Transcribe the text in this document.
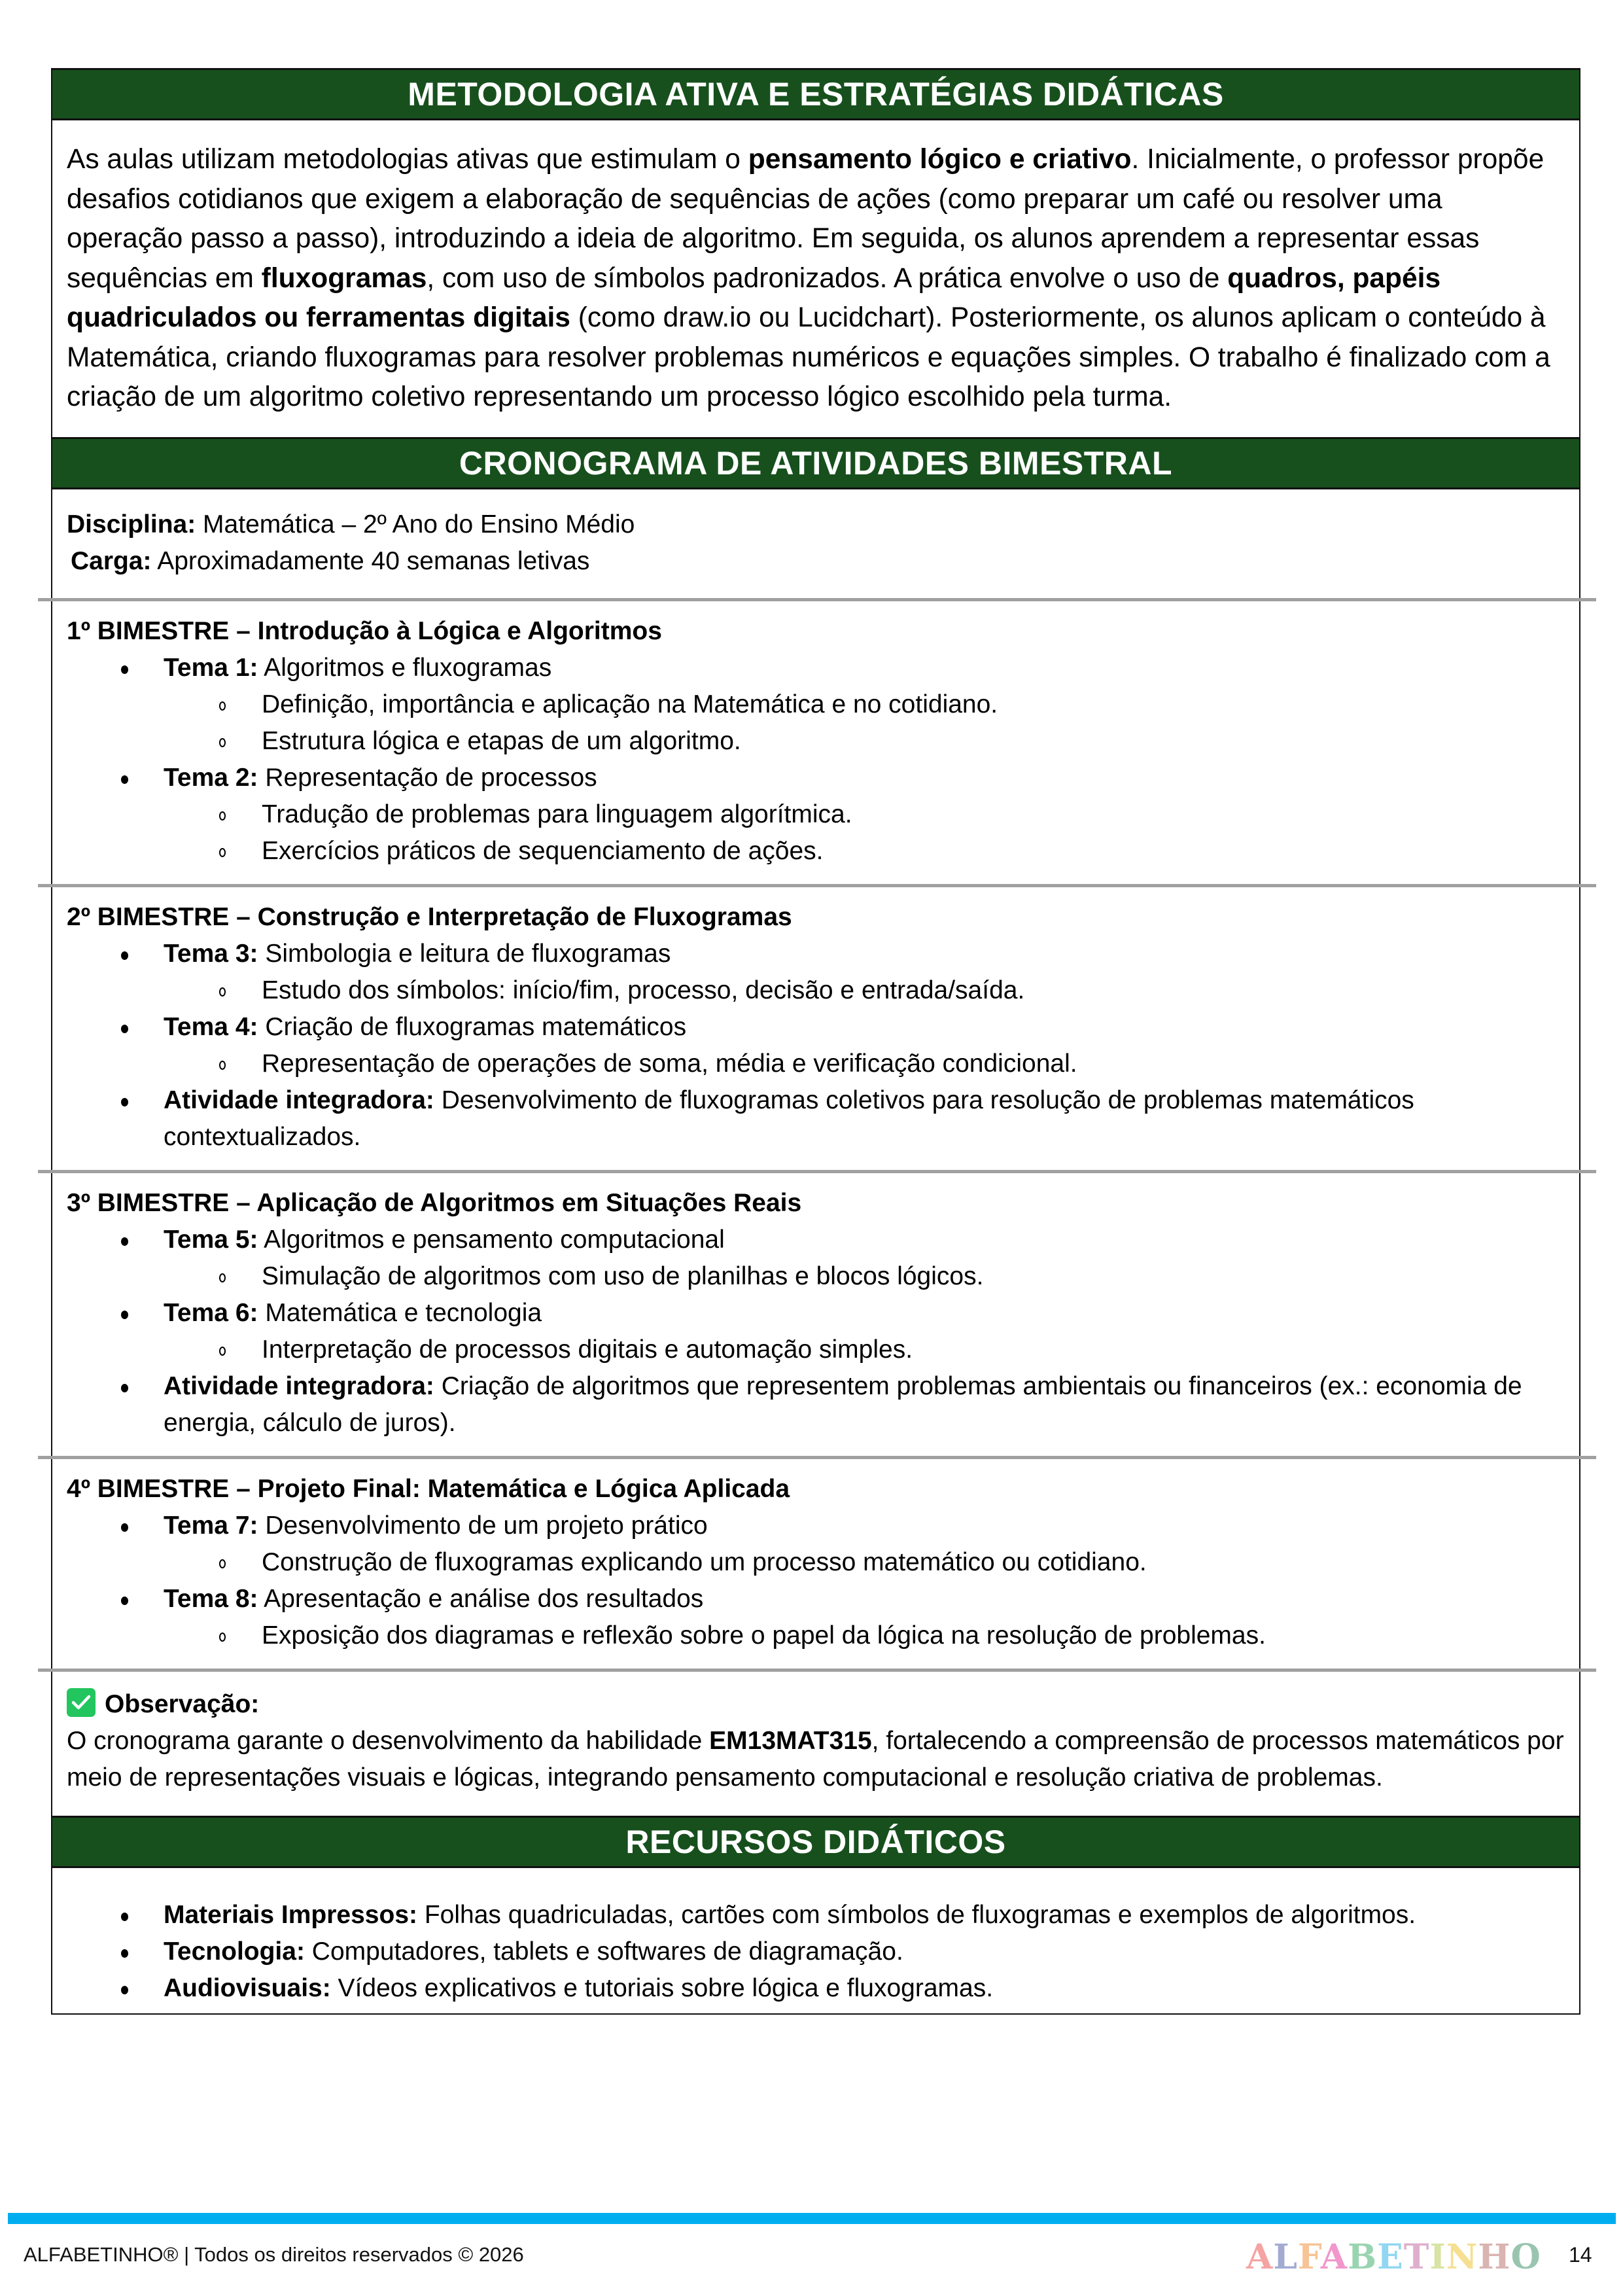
METODOLOGIA ATIVA E ESTRATÉGIAS DIDÁTICAS
As aulas utilizam metodologias ativas que estimulam o pensamento lógico e criativo. Inicialmente, o professor propõe desafios cotidianos que exigem a elaboração de sequências de ações (como preparar um café ou resolver uma operação passo a passo), introduzindo a ideia de algoritmo. Em seguida, os alunos aprendem a representar essas sequências em fluxogramas, com uso de símbolos padronizados. A prática envolve o uso de quadros, papéis quadriculados ou ferramentas digitais (como draw.io ou Lucidchart). Posteriormente, os alunos aplicam o conteúdo à Matemática, criando fluxogramas para resolver problemas numéricos e equações simples. O trabalho é finalizado com a criação de um algoritmo coletivo representando um processo lógico escolhido pela turma.
CRONOGRAMA DE ATIVIDADES BIMESTRAL
Disciplina: Matemática – 2º Ano do Ensino Médio
Carga: Aproximadamente 40 semanas letivas
1º BIMESTRE – Introdução à Lógica e Algoritmos
Tema 1: Algoritmos e fluxogramas
Definição, importância e aplicação na Matemática e no cotidiano.
Estrutura lógica e etapas de um algoritmo.
Tema 2: Representação de processos
Tradução de problemas para linguagem algorítmica.
Exercícios práticos de sequenciamento de ações.
2º BIMESTRE – Construção e Interpretação de Fluxogramas
Tema 3: Simbologia e leitura de fluxogramas
Estudo dos símbolos: início/fim, processo, decisão e entrada/saída.
Tema 4: Criação de fluxogramas matemáticos
Representação de operações de soma, média e verificação condicional.
Atividade integradora: Desenvolvimento de fluxogramas coletivos para resolução de problemas matemáticos contextualizados.
3º BIMESTRE – Aplicação de Algoritmos em Situações Reais
Tema 5: Algoritmos e pensamento computacional
Simulação de algoritmos com uso de planilhas e blocos lógicos.
Tema 6: Matemática e tecnologia
Interpretação de processos digitais e automação simples.
Atividade integradora: Criação de algoritmos que representem problemas ambientais ou financeiros (ex.: economia de energia, cálculo de juros).
4º BIMESTRE – Projeto Final: Matemática e Lógica Aplicada
Tema 7: Desenvolvimento de um projeto prático
Construção de fluxogramas explicando um processo matemático ou cotidiano.
Tema 8: Apresentação e análise dos resultados
Exposição dos diagramas e reflexão sobre o papel da lógica na resolução de problemas.
Observação:
O cronograma garante o desenvolvimento da habilidade EM13MAT315, fortalecendo a compreensão de processos matemáticos por meio de representações visuais e lógicas, integrando pensamento computacional e resolução criativa de problemas.
RECURSOS DIDÁTICOS
Materiais Impressos: Folhas quadriculadas, cartões com símbolos de fluxogramas e exemplos de algoritmos.
Tecnologia: Computadores, tablets e softwares de diagramação.
Audiovisuais: Vídeos explicativos e tutoriais sobre lógica e fluxogramas.
ALFABETINHO® | Todos os direitos reservados © 2026	ALFABETINHO 14
